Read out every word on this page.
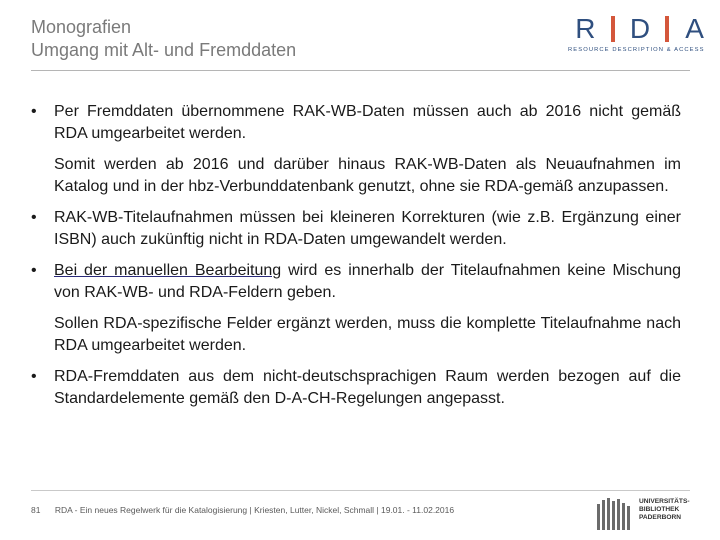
Monografien
Umgang mit Alt- und Fremddaten
R D A
RESOURCE DESCRIPTION & ACCESS
• Per Fremddaten übernommene RAK-WB-Daten müssen auch ab 2016 nicht gemäß RDA umgearbeitet werden.
Somit werden ab 2016 und darüber hinaus RAK-WB-Daten als Neuaufnahmen im Katalog und in der hbz-Verbunddatenbank genutzt, ohne sie RDA-gemäß anzupassen.
• RAK-WB-Titelaufnahmen müssen bei kleineren Korrekturen (wie z.B. Ergänzung einer ISBN) auch zukünftig nicht in RDA-Daten umgewandelt werden.
• Bei der manuellen Bearbeitung wird es innerhalb der Titelaufnahmen keine Mischung von RAK-WB- und RDA-Feldern geben.
Sollen RDA-spezifische Felder ergänzt werden, muss die komplette Titelaufnahme nach RDA umgearbeitet werden.
• RDA-Fremddaten aus dem nicht-deutschsprachigen Raum werden bezogen auf die Standardelemente gemäß den D-A-CH-Regelungen angepasst.
81 RDA - Ein neues Regelwerk für die Katalogisierung | Kriesten, Lutter, Nickel, Schmall | 19.01. - 11.02.2016
UNIVERSITÄTS-
BIBLIOTHEK
PADERBORN
